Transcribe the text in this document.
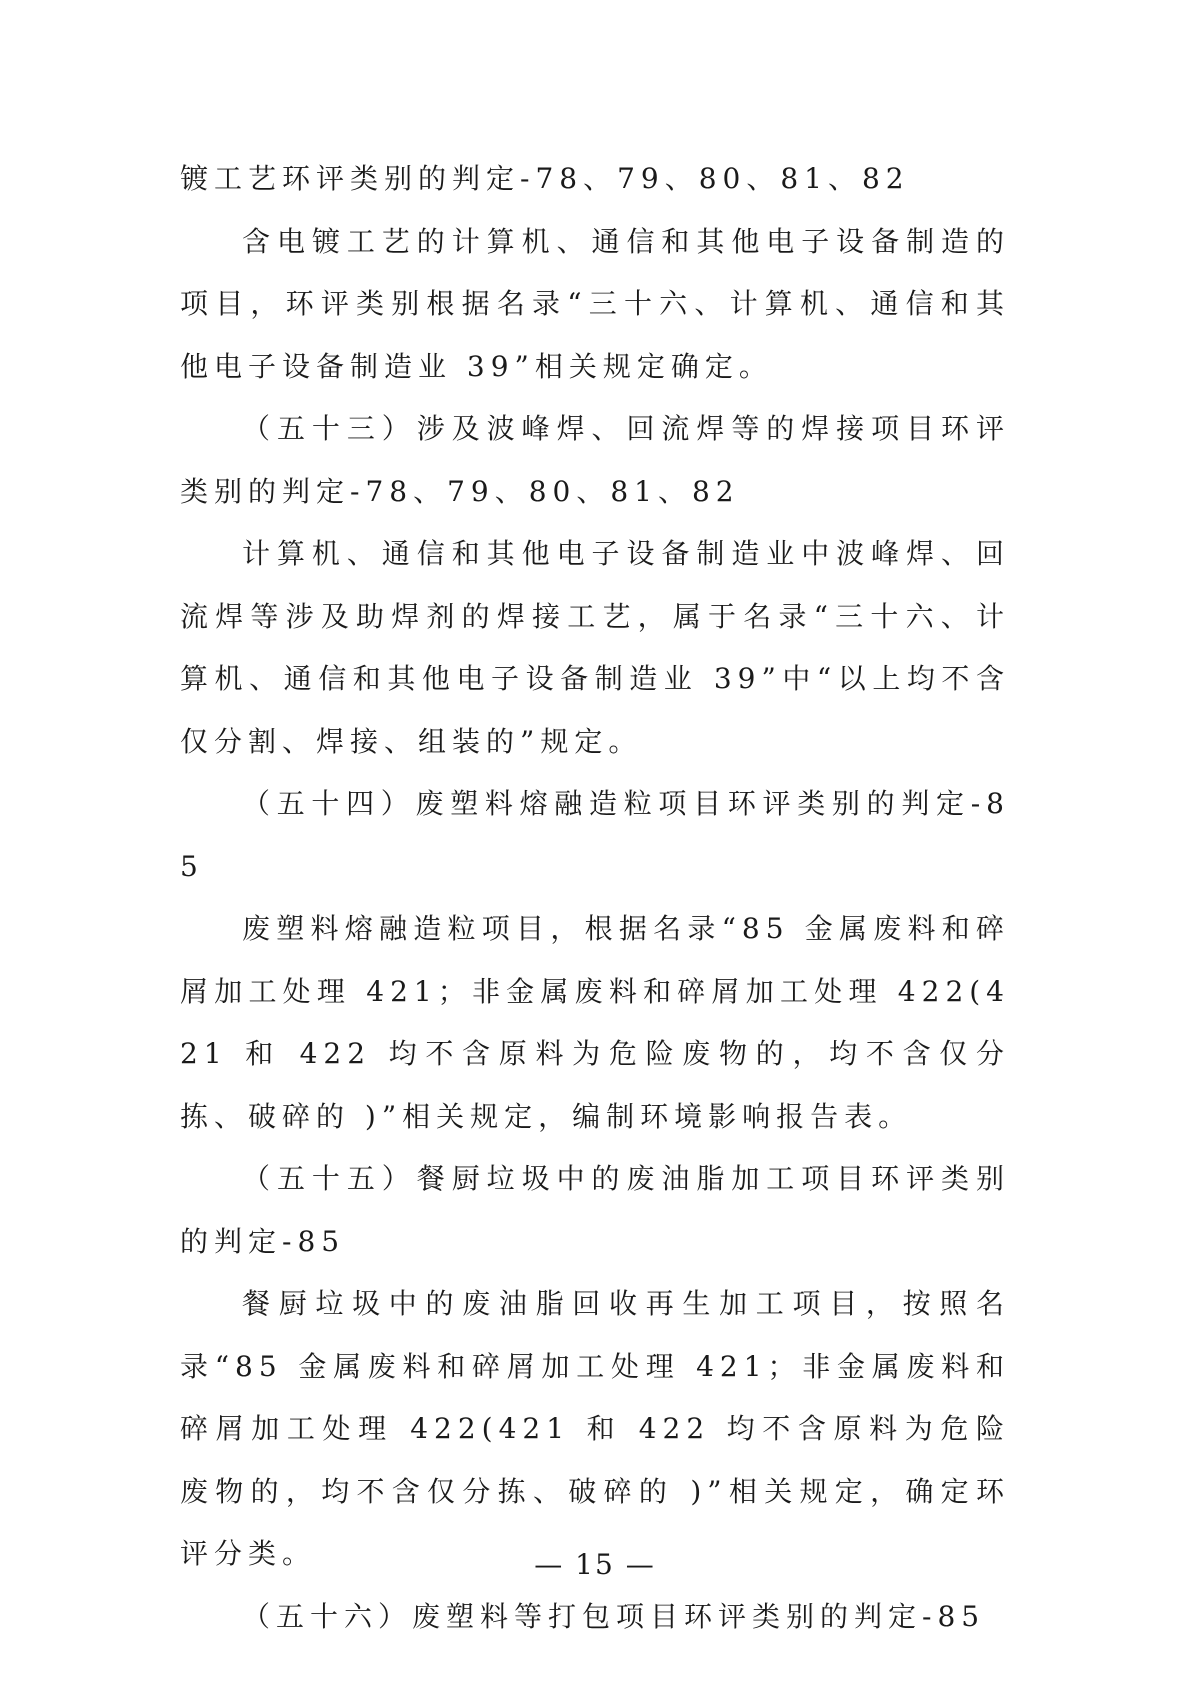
镀工艺环评类别的判定-78、79、80、81、82

含电镀工艺的计算机、通信和其他电子设备制造的项目，环评类别根据名录“三十六、计算机、通信和其他电子设备制造业 39”相关规定确定。

（五十三）涉及波峰焊、回流焊等的焊接项目环评类别的判定-78、79、80、81、82

计算机、通信和其他电子设备制造业中波峰焊、回流焊等涉及助焊剂的焊接工艺，属于名录“三十六、计算机、通信和其他电子设备制造业 39”中“以上均不含仅分割、焊接、组装的”规定。

（五十四）废塑料熔融造粒项目环评类别的判定-85

废塑料熔融造粒项目，根据名录“85 金属废料和碎屑加工处理 421；非金属废料和碎屑加工处理 422(421 和 422 均不含原料为危险废物的，均不含仅分拣、破碎的 )”相关规定，编制环境影响报告表。

（五十五）餐厨垃圾中的废油脂加工项目环评类别的判定-85

餐厨垃圾中的废油脂回收再生加工项目，按照名录“85 金属废料和碎屑加工处理 421；非金属废料和碎屑加工处理 422(421 和 422 均不含原料为危险废物的，均不含仅分拣、破碎的 )”相关规定，确定环评分类。

（五十六）废塑料等打包项目环评类别的判定-85

— 15 —
